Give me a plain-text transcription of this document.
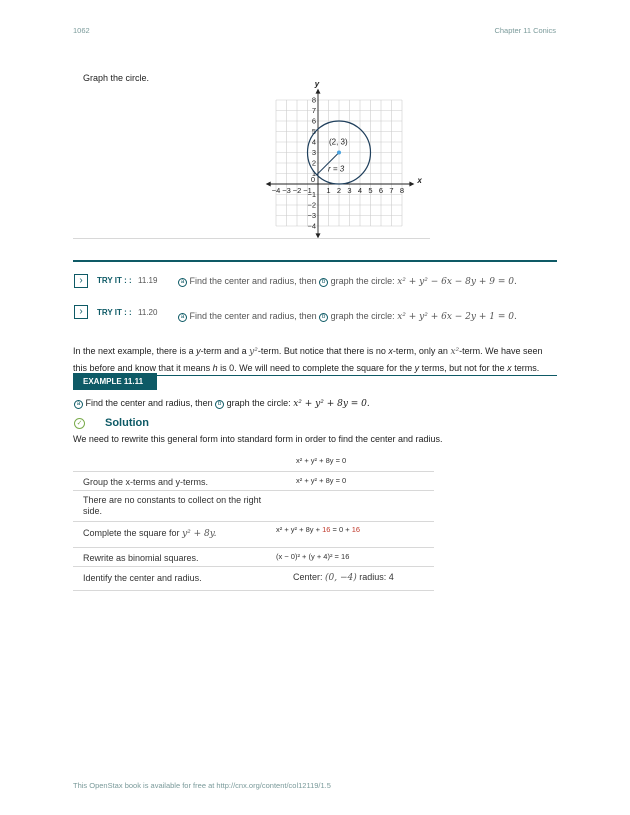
1062	Chapter 11 Conics
Graph the circle.
−4 −3 −2 −1 1 2 3 4 5 6 7 8
8
7
6
5
4
3
2
1
−1
−2
−3
−4
0	x
y
(2, 3)
r = 3
›	TRY IT : : 11.19	a Find the center and radius, then b graph the circle: x² + y² − 6x − 8y + 9 = 0.
›	TRY IT : : 11.20	a Find the center and radius, then b graph the circle: x² + y² + 6x − 2y + 1 = 0.
In the next example, there is a y-term and a y²-term. But notice that there is no x-term, only an x²-term. We have seen
this before and know that it means h is 0. We will need to complete the square for the y terms, but not for the x terms.
EXAMPLE 11.11
a Find the center and radius, then b graph the circle: x² + y² + 8y = 0.
✓ Solution
We need to rewrite this general form into standard form in order to find the center and radius.
x² + y² + 8y = 0
Group the x-terms and y-terms.	x² + y² + 8y = 0
There are no constants to collect on the right side.
Complete the square for y² + 8y.	x² + y² + 8y + 16 = 0 + 16
Rewrite as binomial squares.	(x − 0)² + (y + 4)² = 16
Identify the center and radius.	Center: (0, −4) radius: 4
This OpenStax book is available for free at http://cnx.org/content/col12119/1.5
